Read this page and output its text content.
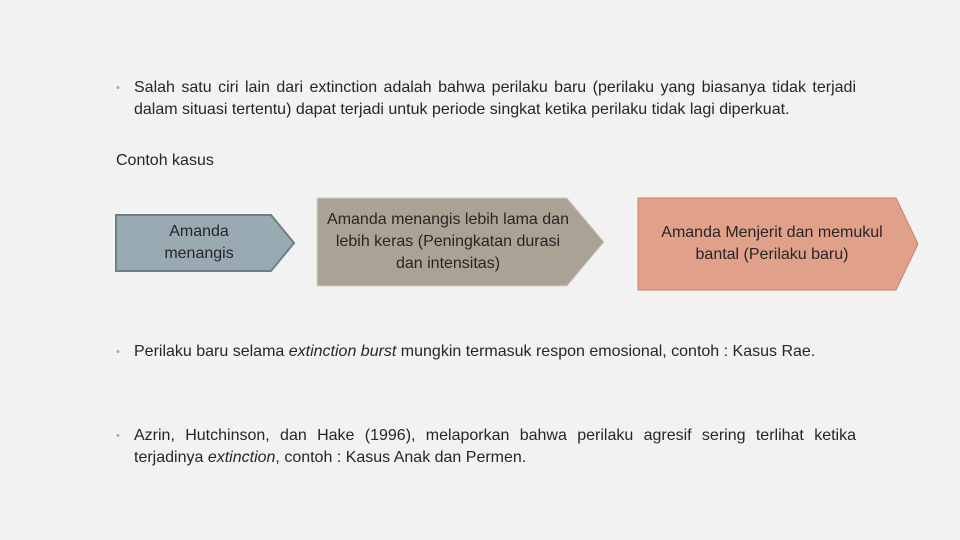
• Salah satu ciri lain dari extinction adalah bahwa perilaku baru (perilaku yang biasanya tidak terjadi dalam situasi tertentu) dapat terjadi untuk periode singkat ketika perilaku tidak lagi diperkuat.
Contoh kasus
Amanda menangis
Amanda menangis lebih lama dan lebih keras (Peningkatan durasi dan intensitas)
Amanda Menjerit dan memukul bantal (Perilaku baru)
• Perilaku baru selama extinction burst mungkin termasuk respon emosional, contoh : Kasus Rae.
• Azrin, Hutchinson, dan Hake (1996), melaporkan bahwa perilaku agresif sering terlihat ketika terjadinya extinction, contoh : Kasus Anak dan Permen.
